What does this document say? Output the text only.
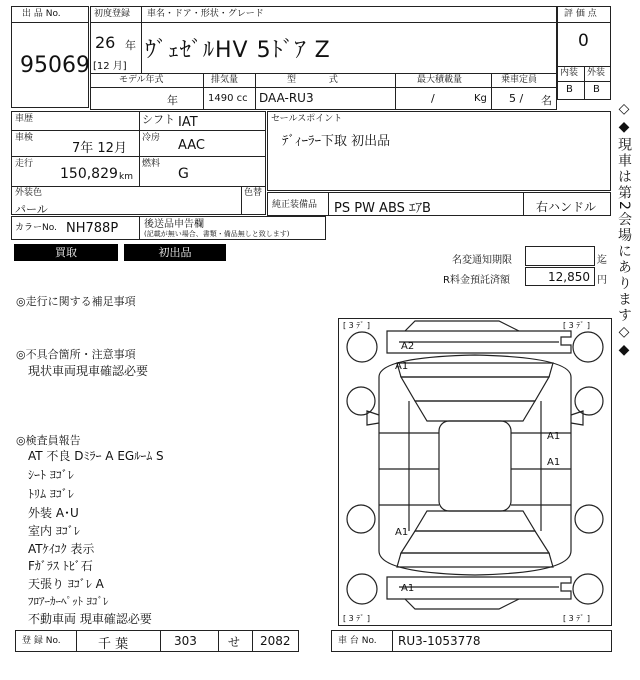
出 品 No.
95069
初度登録
26 年
[12 月]
車名・ドア・形状・グレード
ｳﾞｪｾﾞﾙHV 5ﾄﾞｱ Z
モデル年式
年
排気量
1490 cc
型 式
DAA-RU3
最大積載量
/	Kg
乗車定員
5 / 名
評 価 点
0
内装 外装
B B
車歴	シフト IAT
車検
7年 12月
冷房 AAC
走行
150,829 km
燃料
G
外装色
パール
色替
セールスポイント
ﾃﾞｨｰﾗｰ下取 初出品
純正装備品 PS PW ABS ｴｱB	右ハンドル
カラーNo. NH788P	後送品申告欄
(記載が無い場合、書類・備品無しと致します)
買取	初出品
名変通知期限	迄
R料金預託済額	12,850 円
◎走行に関する補足事項
◎不具合箇所・注意事項
現状車両現車確認必要
◎検査員報告
AT 不良 Dﾐﾗｰ A EGﾙｰﾑ S
ｼｰﾄ ﾖｺﾞﾚ
ﾄﾘﾑ ﾖｺﾞﾚ
外装 A･U
室内 ﾖｺﾞﾚ
ATｹｲｺｸ 表示
Fｶﾞﾗｽ ﾄﾋﾞ石
天張り ﾖｺﾞﾚ A
ﾌﾛｱｰｶｰﾍﾟｯﾄ ﾖｺﾞﾚ
不動車両 現車確認必要
[ 3 ﾃﾞ ]	[ 3 ﾃﾞ ]
[ 3 ﾃﾞ ]	[ 3 ﾃﾞ ]
A2
A1
A1
A1
A1
A1
◇◆現車は第2会場にあります◇◆
登 録 No.	千 葉	303	せ 2082	車 台 No. RU3-1053778
